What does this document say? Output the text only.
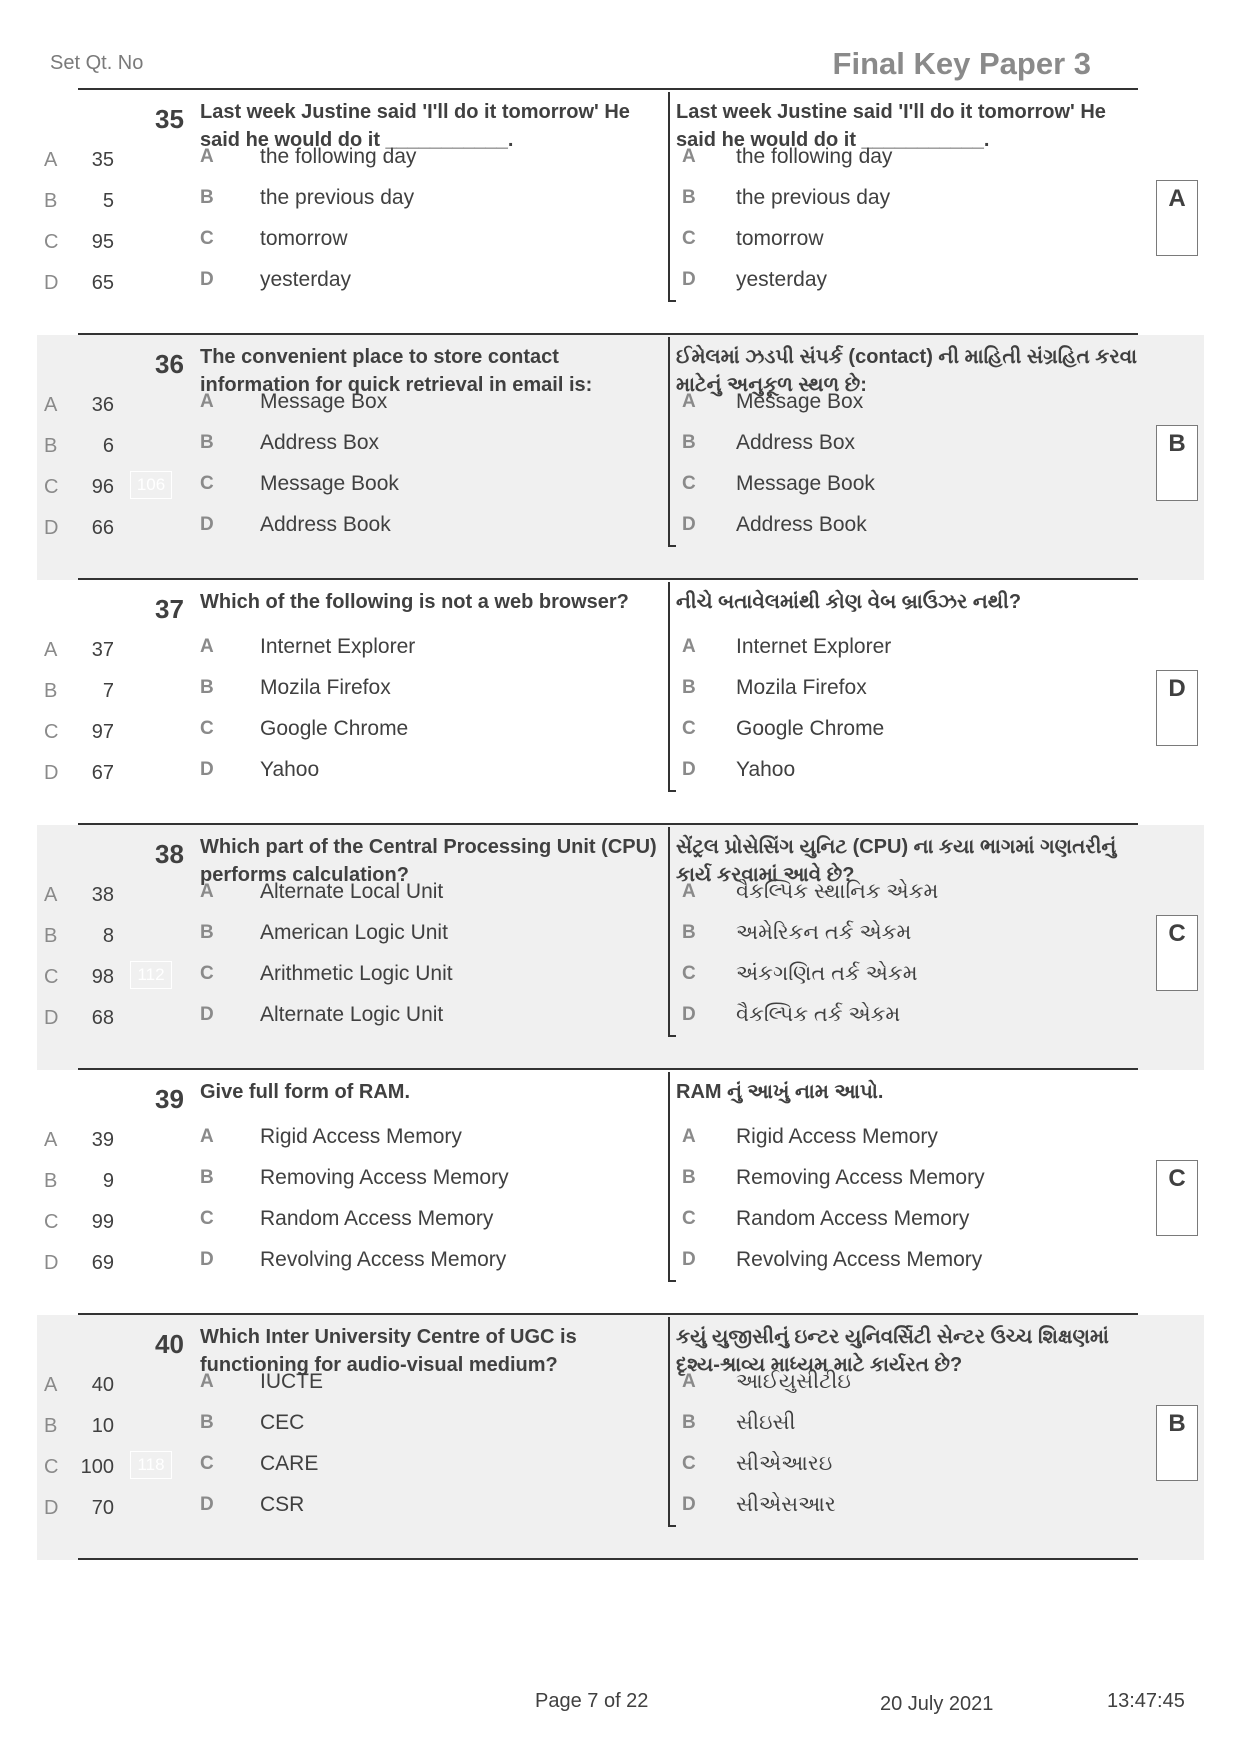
Set Qt. No	Final Key Paper 3
35 Last week Justine said 'I'll do it tomorrow' He said he would do it ___________.
Last week Justine said 'I'll do it tomorrow' He said he would do it ___________.
A	35	A the following day	A the following day
B	5	B the previous day	B the previous day
C	95	C tomorrow	C tomorrow
D	65	D yesterday	D yesterday
A
36 The convenient place to store contact information for quick retrieval in email is:
ઈમેલમાં ઝડપી સંપર્ક (contact) ની માહિતી સંગ્રહિત કરવા માટેનું અનુકૂળ સ્થળ છે:
A	36	A Message Box	A Message Box
B	6	B Address Box	B Address Box
C	96	C Message Book	C Message Book
106
D	66	D Address Book	D Address Book
B
37 Which of the following is not a web browser?	નીચે બતાવેલમાંથી કોણ વેબ બ્રાઉઝર નથી?
A	37	A Internet Explorer	A Internet Explorer
B	7	B Mozila Firefox	B Mozila Firefox
C	97	C Google Chrome	C Google Chrome
D	67	D Yahoo	D Yahoo
D
38 Which part of the Central Processing Unit (CPU) performs calculation?
સેંટ્રલ પ્રોસેસિંગ યુનિટ (CPU) ના કયા ભાગમાં ગણતરીનું કાર્ય કરવામાં આવે છે?
A	38	A Alternate Local Unit	A વૈકલ્પિક સ્થાનિક એકમ
B	8	B American Logic Unit	B અમેરિકન તર્ક એકમ
C	98	C Arithmetic Logic Unit	C અંકગણિત તર્ક એકમ
112
D	68	D Alternate Logic Unit	D વૈકલ્પિક તર્ક એકમ
C
39 Give full form of RAM.	RAM નું આખું નામ આપો.
A	39	A Rigid Access Memory	A Rigid Access Memory
B	9	B Removing Access Memory	B Removing Access Memory
C	99	C Random Access Memory	C Random Access Memory
D	69	D Revolving Access Memory	D Revolving Access Memory
C
40 Which Inter University Centre of UGC is functioning for audio-visual medium?
કયું યુજીસીનું ઇન્ટર યુનિવર્સિટી સેન્ટર ઉચ્ચ શિક્ષણમાં દૃશ્ય-શ્રાવ્ય માધ્યમ માટે કાર્યરત છે?
A	40	A IUCTE	A આઈયુસીટીઇ
B	10	B CEC	B સીઇસી
C 100	C CARE	C સીએઆરઇ
118
D	70	D CSR	D સીએસઆર
B
Page 7 of 22	20 July 2021	13:47:45
